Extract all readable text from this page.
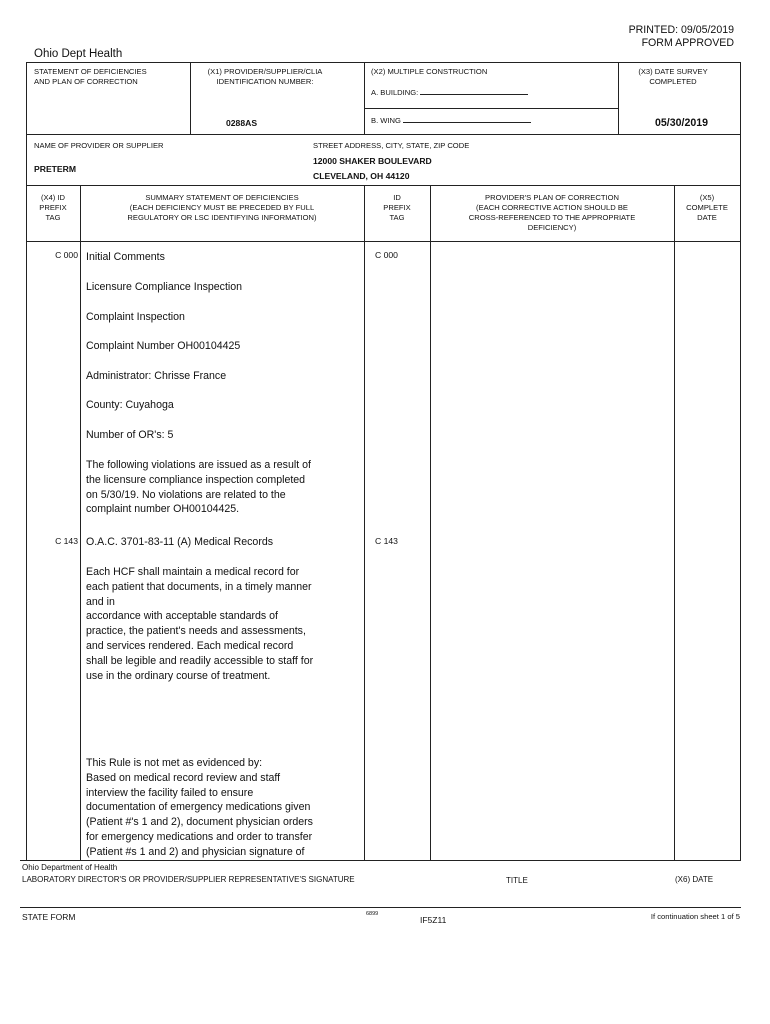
PRINTED: 09/05/2019
FORM APPROVED
Ohio Dept Health
STATEMENT OF DEFICIENCIES
AND PLAN OF CORRECTION
(X1) PROVIDER/SUPPLIER/CLIA
IDENTIFICATION NUMBER:
0288AS
(X2) MULTIPLE CONSTRUCTION
A. BUILDING:
B. WING
(X3) DATE SURVEY
COMPLETED
05/30/2019
NAME OF PROVIDER OR SUPPLIER
PRETERM
STREET ADDRESS, CITY, STATE, ZIP CODE
12000 SHAKER BOULEVARD
CLEVELAND, OH 44120
(X4) ID
PREFIX
TAG
SUMMARY STATEMENT OF DEFICIENCIES
(EACH DEFICIENCY MUST BE PRECEDED BY FULL
REGULATORY OR LSC IDENTIFYING INFORMATION)
ID
PREFIX
TAG
PROVIDER'S PLAN OF CORRECTION
(EACH CORRECTIVE ACTION SHOULD BE
CROSS-REFERENCED TO THE APPROPRIATE
DEFICIENCY)
(X5)
COMPLETE
DATE
C 000	C 000
Initial Comments
Licensure Compliance Inspection
Complaint Inspection
Complaint Number OH00104425
Administrator: Chrisse France
County: Cuyahoga
Number of OR's: 5
The following violations are issued as a result of
the licensure compliance inspection completed
on 5/30/19. No violations are related to the
complaint number OH00104425.
C 143	C 143
O.A.C. 3701-83-11 (A) Medical Records
Each HCF shall maintain a medical record for
each patient that documents, in a timely manner
and in
accordance with acceptable standards of
practice, the patient's needs and assessments,
and services rendered. Each medical record
shall be legible and readily accessible to staff for
use in the ordinary course of treatment.
This Rule is not met as evidenced by:
Based on medical record review and staff
interview the facility failed to ensure
documentation of emergency medications given
(Patient #'s 1 and 2), document physician orders
for emergency medications and order to transfer
(Patient #s 1 and 2) and physician signature of
Ohio Department of Health
LABORATORY DIRECTOR'S OR PROVIDER/SUPPLIER REPRESENTATIVE'S SIGNATURE	TITLE	(X6) DATE
STATE FORM	6899
IF5Z11	If continuation sheet 1 of 5
